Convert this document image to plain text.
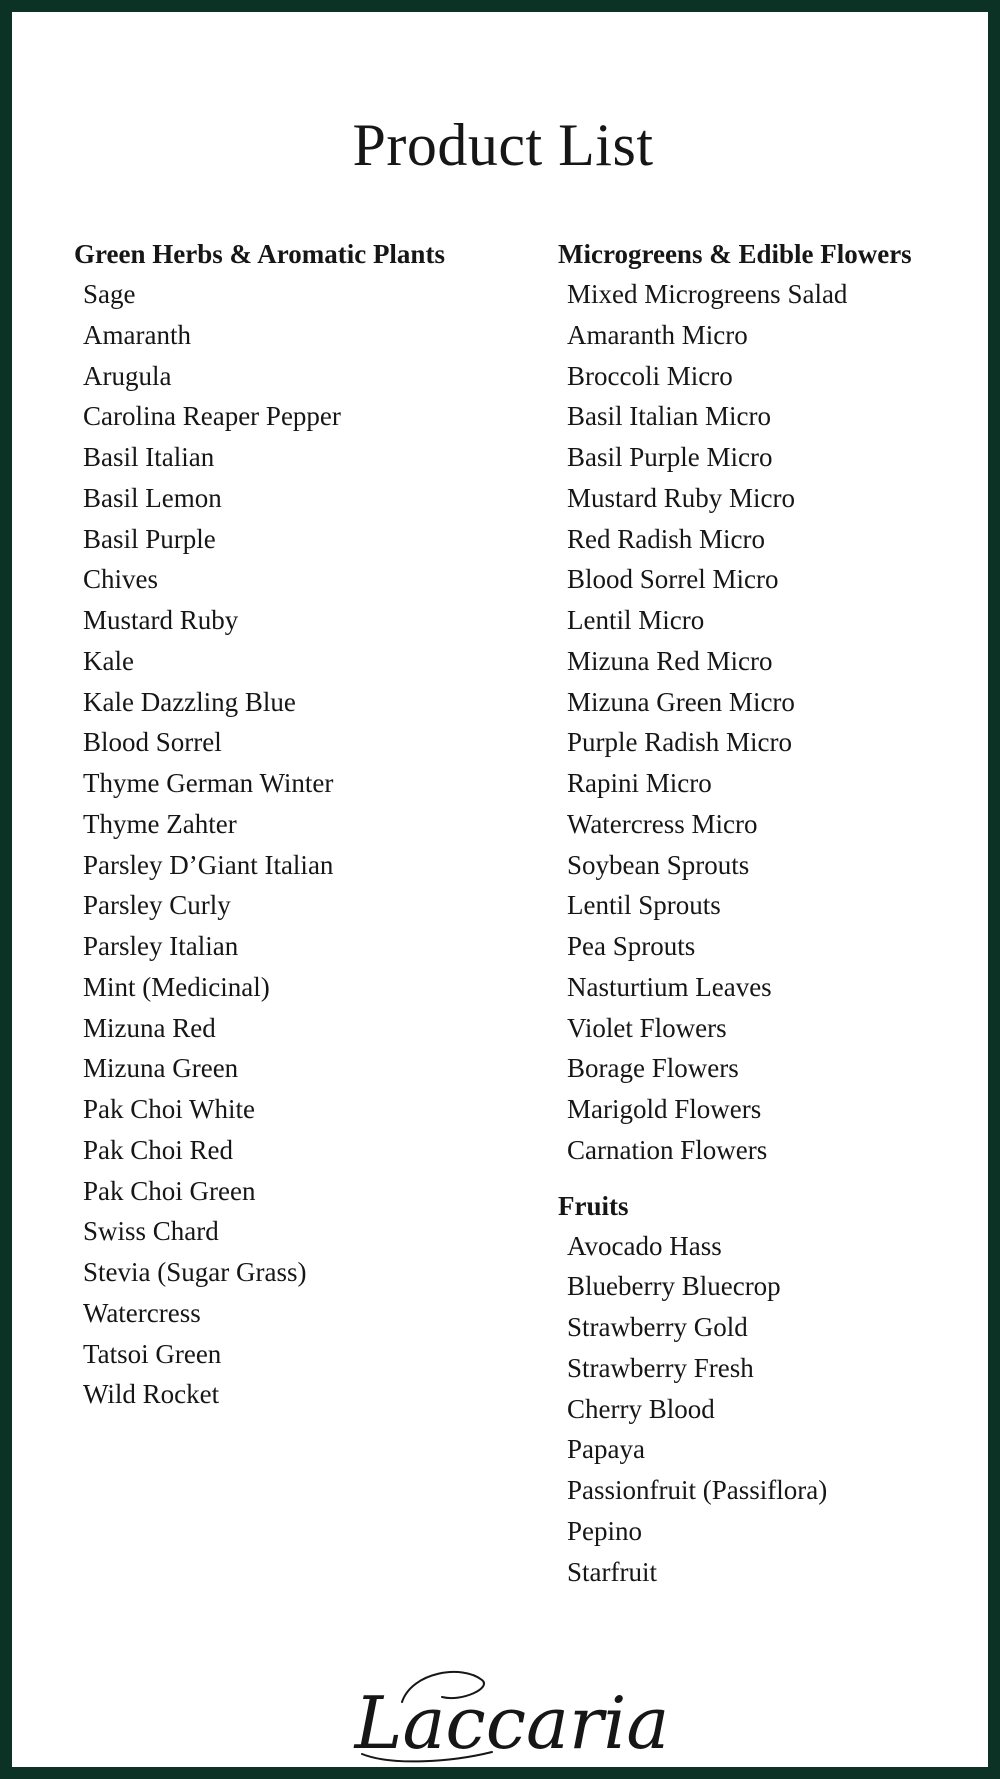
Product List
Green Herbs & Aromatic Plants
Sage
Amaranth
Arugula
Carolina Reaper Pepper
Basil Italian
Basil Lemon
Basil Purple
Chives
Mustard Ruby
Kale
Kale Dazzling Blue
Blood Sorrel
Thyme German Winter
Thyme Zahter
Parsley D’Giant Italian
Parsley Curly
Parsley Italian
Mint (Medicinal)
Mizuna Red
Mizuna Green
Pak Choi White
Pak Choi Red
Pak Choi Green
Swiss Chard
Stevia (Sugar Grass)
Watercress
Tatsoi Green
Wild Rocket
Microgreens & Edible Flowers
Mixed Microgreens Salad
Amaranth Micro
Broccoli Micro
Basil Italian Micro
Basil Purple Micro
Mustard Ruby Micro
Red Radish Micro
Blood Sorrel Micro
Lentil Micro
Mizuna Red Micro
Mizuna Green Micro
Purple Radish Micro
Rapini Micro
Watercress Micro
Soybean Sprouts
Lentil Sprouts
Pea Sprouts
Nasturtium Leaves
Violet Flowers
Borage Flowers
Marigold Flowers
Carnation Flowers
Fruits
Avocado Hass
Blueberry Bluecrop
Strawberry Gold
Strawberry Fresh
Cherry Blood
Papaya
Passionfruit (Passiflora)
Pepino
Starfruit
Laccaria
